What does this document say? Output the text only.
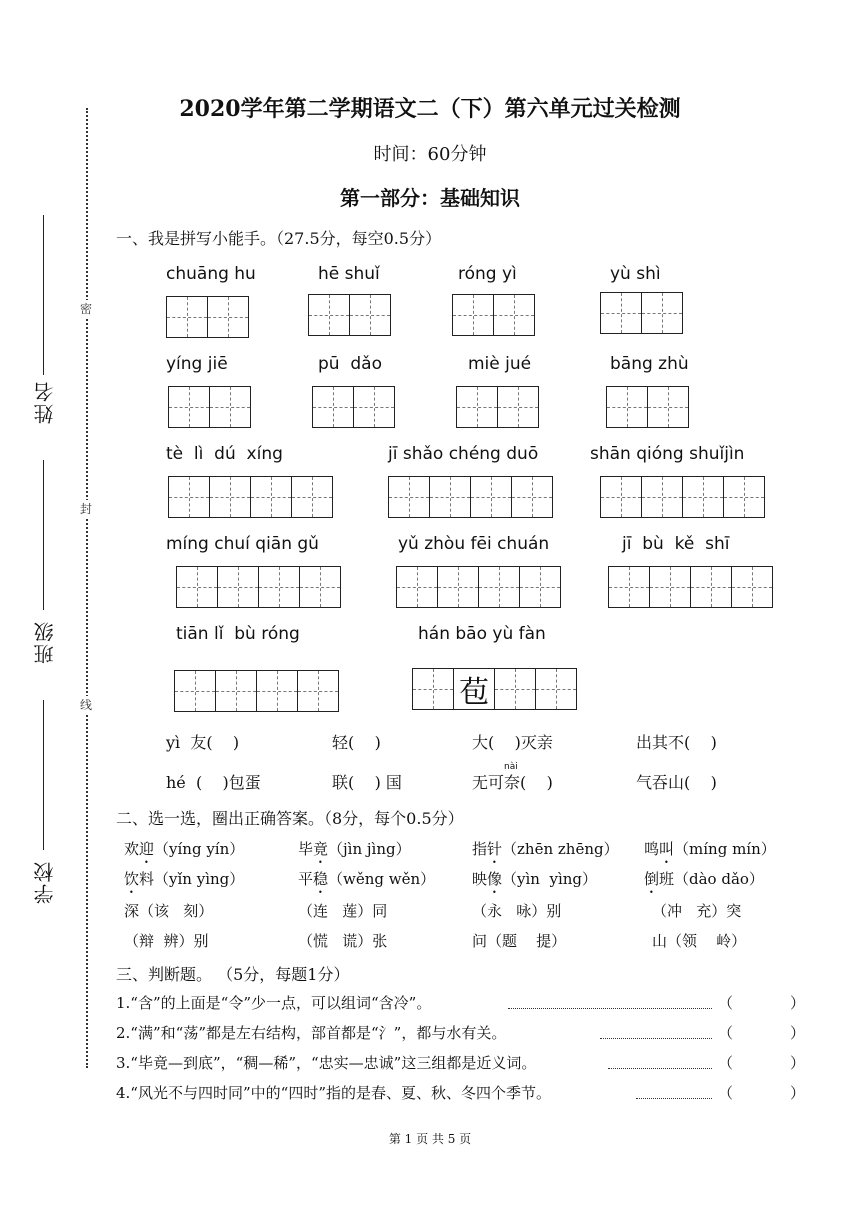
密
封
线
姓名
班级
学校
2020学年第二学期语文二（下）第六单元过关检测
时间：60分钟
第一部分：基础知识
一、我是拼写小能手。（27.5分，每空0.5分）
chuāng hu	hē shuǐ	róng yì	yù shì
yíng jiē	pū  dǎo	miè jué	bāng zhù
tè  lì  dú  xíng	jī shǎo chéng duō	shān qióng shuǐjìn
míng chuí qiān gǔ	yǔ zhòu fēi chuán	jī  bù  kě  shī
tiān lǐ  bù róng	hán bāo yù fàn
苞
yì  友(    )	轻(    )	大(    )灭亲	出其不(    )
nài
hé  (    )包蛋	联(    ) 国	无可奈(    )	气吞山(    )
二、选一选，圈出正确答案。（8分，每个0.5分）
欢迎（yíng yín）	毕竟（jìn jìng）	指针（zhēn zhēng） 鸣叫（míng mín）
饮料（yǐn yìng）	平稳（wěng wěn） 映像（yìn  yìng）	倒班（dào dǎo）
深（该   刻）	（连   莲）同	（永   咏）别	（冲   充）突
（辩  辨）别	（慌   谎）张	问（题    提）	山（领    岭）
三、判断题。 （5分，每题1分）
1.“含”的上面是“令”少一点，可以组词“含冷”。	（	）
2.“满”和“荡”都是左右结构，部首都是“氵”，都与水有关。	（	）
3.“毕竟—到底”，“稠—稀”，“忠实—忠诚”这三组都是近义词。	（	）
4.“风光不与四时同”中的“四时”指的是春、夏、秋、冬四个季节。	（	）
第 1 页 共 5 页
